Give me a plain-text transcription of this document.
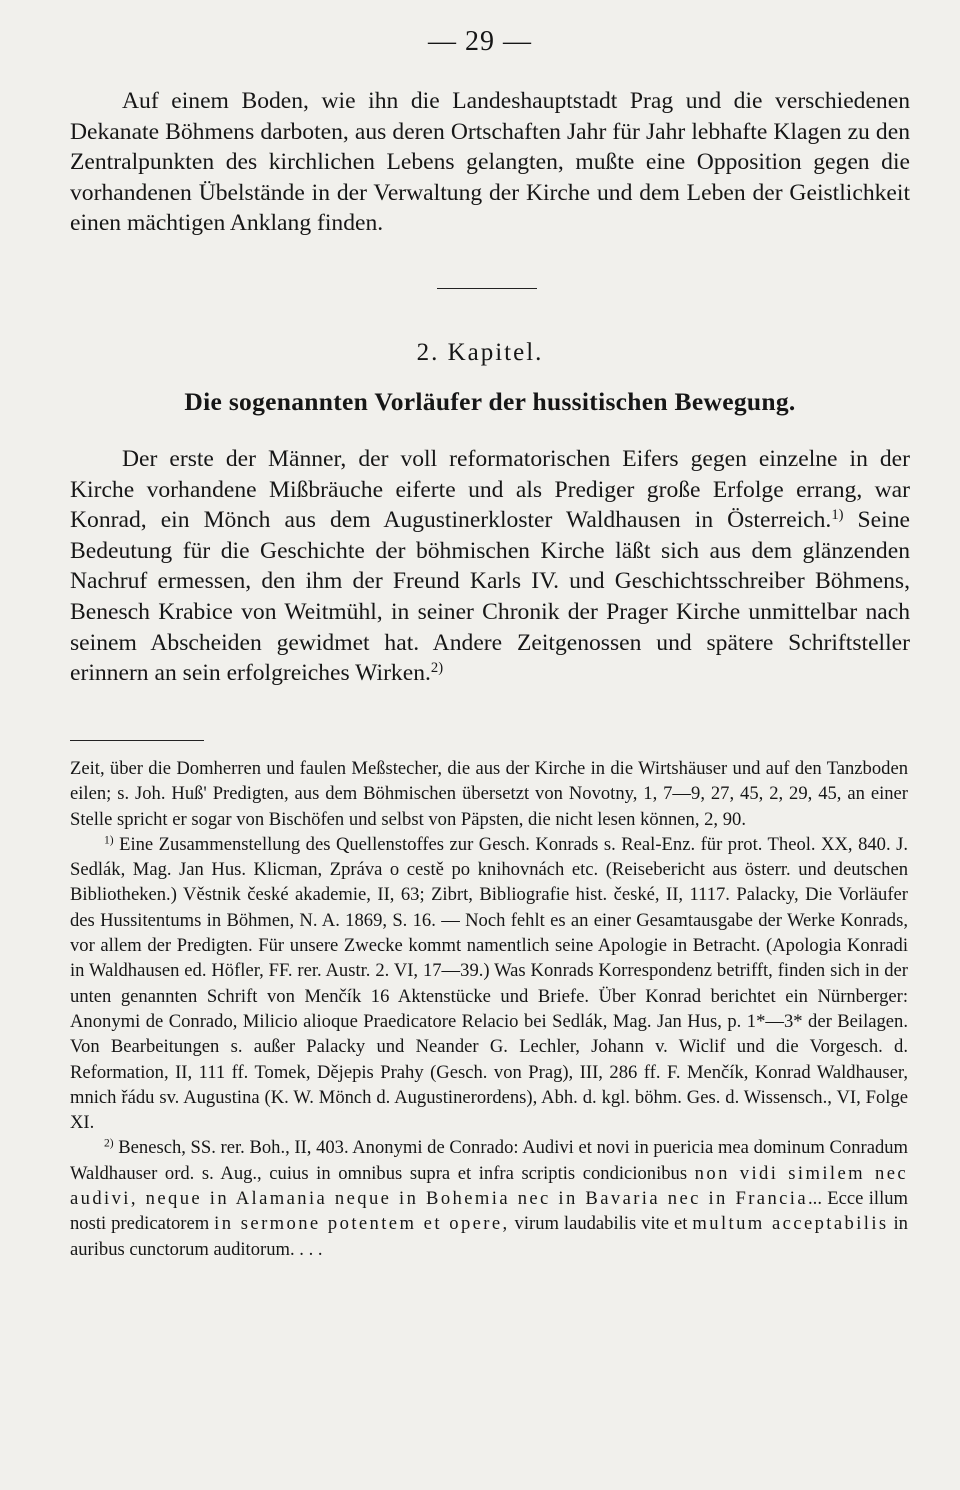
— 29 —

Auf einem Boden, wie ihn die Landeshauptstadt Prag und die verschiedenen Dekanate Böhmens darboten, aus deren Ortschaften Jahr für Jahr lebhafte Klagen zu den Zentralpunkten des kirchlichen Lebens gelangten, mußte eine Opposition gegen die vorhandenen Übelstände in der Verwaltung der Kirche und dem Leben der Geistlichkeit einen mächtigen Anklang finden.

2. Kapitel.
Die sogenannten Vorläufer der hussitischen Bewegung.

Der erste der Männer, der voll reformatorischen Eifers gegen einzelne in der Kirche vorhandene Mißbräuche eiferte und als Prediger große Erfolge errang, war Konrad, ein Mönch aus dem Augustinerkloster Waldhausen in Österreich.$^{1)}$ Seine Bedeutung für die Geschichte der böhmischen Kirche läßt sich aus dem glänzenden Nachruf ermessen, den ihm der Freund Karls IV. und Geschichtsschreiber Böhmens, Benesch Krabice von Weitmühl, in seiner Chronik der Prager Kirche unmittelbar nach seinem Abscheiden gewidmet hat. Andere Zeitgenossen und spätere Schriftsteller erinnern an sein erfolgreiches Wirken.$^{2)}$

Zeit, über die Domherren und faulen Meßstecher, die aus der Kirche in die Wirtshäuser und auf den Tanzboden eilen; s. Joh. Huß' Predigten, aus dem Böhmischen übersetzt von Novotny, 1, 7—9, 27, 45, 2, 29, 45, an einer Stelle spricht er sogar von Bischöfen und selbst von Päpsten, die nicht lesen können, 2, 90.

$^{1)}$ Eine Zusammenstellung des Quellenstoffes zur Gesch. Konrads s. Real-Enz. für prot. Theol. XX, 840. J. Sedlák, Mag. Jan Hus. Klicman, Zpráva o cestě po knihovnách etc. (Reisebericht aus österr. und deutschen Bibliotheken.) Věstnik české akademie, II, 63; Zibrt, Bibliografie hist. české, II, 1117. Palacky, Die Vorläufer des Hussitentums in Böhmen, N. A. 1869, S. 16. — Noch fehlt es an einer Gesamtausgabe der Werke Konrads, vor allem der Predigten. Für unsere Zwecke kommt namentlich seine Apologie in Betracht. (Apologia Konradi in Waldhausen ed. Höfler, FF. rer. Austr. 2. VI, 17—39.) Was Konrads Korrespondenz betrifft, finden sich in der unten genannten Schrift von Menčík 16 Aktenstücke und Briefe. Über Konrad berichtet ein Nürnberger: Anonymi de Conrado, Milicio alioque Praedicatore Relacio bei Sedlák, Mag. Jan Hus, p. 1*—3* der Beilagen. Von Bearbeitungen s. außer Palacky und Neander G. Lechler, Johann v. Wiclif und die Vorgesch. d. Reformation, II, 111 ff. Tomek, Dějepis Prahy (Gesch. von Prag), III, 286 ff. F. Menčík, Konrad Waldhauser, mnich řádu sv. Augustina (K. W. Mönch d. Augustinerordens), Abh. d. kgl. böhm. Ges. d. Wissensch., VI, Folge XI.

$^{2)}$ Benesch, SS. rer. Boh., II, 403. Anonymi de Conrado: Audivi et novi in puericia mea dominum Conradum Waldhauser ord. s. Aug., cuius in omnibus supra et infra scriptis condicionibus non vidi similem nec audivi, neque in Alamania neque in Bohemia nec in Bavaria nec in Francia... Ecce illum nosti predicatorem in sermone potentem et opere, virum laudabilis vite et multum acceptabilis in auribus cunctorum auditorum. . . .
